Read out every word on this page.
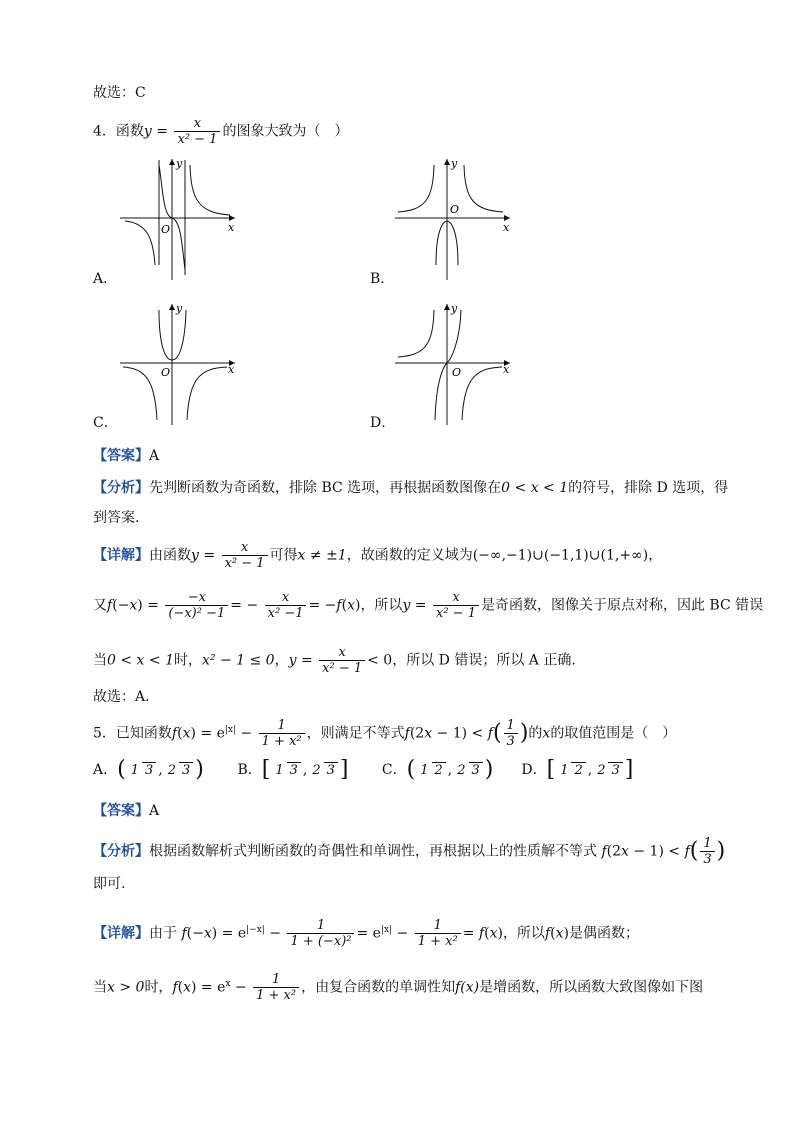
故选：C
4．函数$y = \frac{x}{\text{x² − 1}}$ 的图象大致为（　）
x
y
O
A．
x
y
O
B．
x
y
O
C．
x
y
O
D．
【答案】A
【分析】先判断函数为奇函数，排除 BC 选项，再根据函数图像在0 < x < 1的符号，排除 D 选项，得
到答案.
【详解】由函数$y = \frac{x}{\text{x² − 1}}$ 可得x ≠ ±1，故函数的定义域为(−∞,−1)∪(−1,1)∪(1,+∞)，
又$f(-x) = \frac{-x}{\text{(−x)² −1}}$ = − $\frac{x}{\text{x² −1}} = -f(x)$，所以$y = \frac{x}{\text{x² − 1}}$ 是奇函数，图像关于原点对称，因此 BC 错误
当0 < x < 1时，x² − 1 ≤ 0，$y = \frac{x}{\text{x² − 1}} < 0$，所以 D 错误；所以 A 正确.
故选：A.
5．已知函数$f(x) = e^{|x|} - \frac{1}{\text{1 + x²}}$ ，则满足不等式$f(2x - 1) < f( \frac{1}{3}$ )的x的取值范围是（　）
A．( 1 3 , 2 3 ) B．[ 1 3 , 2 3 ] C．( 1 2 , 2 3 ) D．[ 1 2 , 2 3 ]
【答案】A
【分析】根据函数解析式判断函数的奇偶性和单调性，再根据以上的性质解不等式 $f(2x - 1) < f( \frac{1}{3}$ )
即可.
【详解】由于 $f(-x) = e^{|-x|} - \frac{1}{\text{1 + (−x)²}} = e^{|x|} - \frac{1}{\text{1 + x²}} = f(x)$，所以f(x)是偶函数；
当x > 0时，$f(x) = e^x - \frac{1}{\text{1 + x²}}$ ，由复合函数的单调性知f(x)是增函数，所以函数大致图像如下图
